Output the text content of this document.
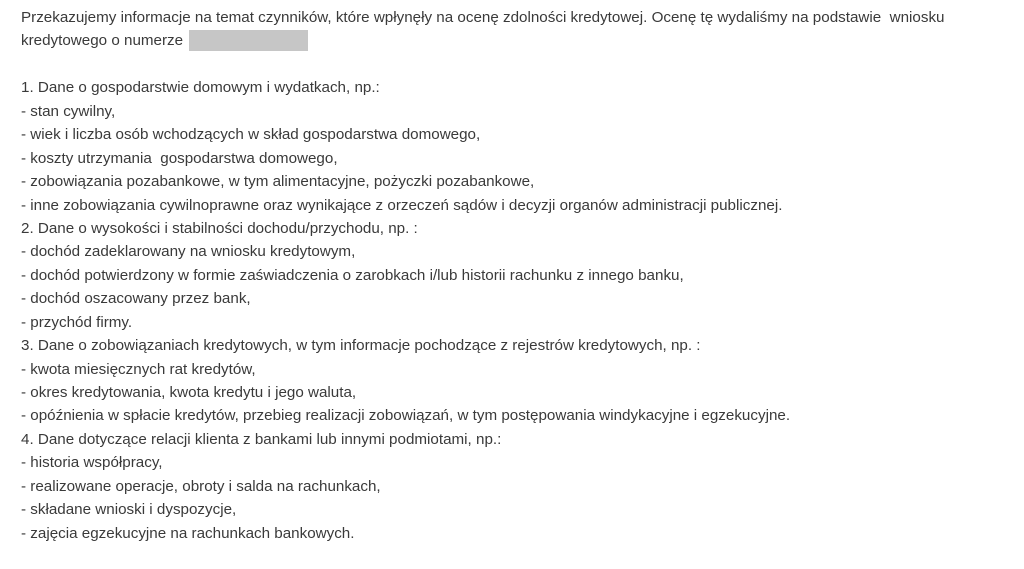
Przekazujemy informacje na temat czynników, które wpłynęły na ocenę zdolności kredytowej. Ocenę tę wydaliśmy na podstawie  wniosku
kredytowego o numerze
1. Dane o gospodarstwie domowym i wydatkach, np.:
- stan cywilny,
- wiek i liczba osób wchodzących w skład gospodarstwa domowego,
- koszty utrzymania  gospodarstwa domowego,
- zobowiązania pozabankowe, w tym alimentacyjne, pożyczki pozabankowe,
- inne zobowiązania cywilnoprawne oraz wynikające z orzeczeń sądów i decyzji organów administracji publicznej.
2. Dane o wysokości i stabilności dochodu/przychodu, np. :
- dochód zadeklarowany na wniosku kredytowym,
- dochód potwierdzony w formie zaświadczenia o zarobkach i/lub historii rachunku z innego banku,
- dochód oszacowany przez bank,
- przychód firmy.
3. Dane o zobowiązaniach kredytowych, w tym informacje pochodzące z rejestrów kredytowych, np. :
- kwota miesięcznych rat kredytów,
- okres kredytowania, kwota kredytu i jego waluta,
- opóźnienia w spłacie kredytów, przebieg realizacji zobowiązań, w tym postępowania windykacyjne i egzekucyjne.
4. Dane dotyczące relacji klienta z bankami lub innymi podmiotami, np.:
- historia współpracy,
- realizowane operacje, obroty i salda na rachunkach,
- składane wnioski i dyspozycje,
- zajęcia egzekucyjne na rachunkach bankowych.
